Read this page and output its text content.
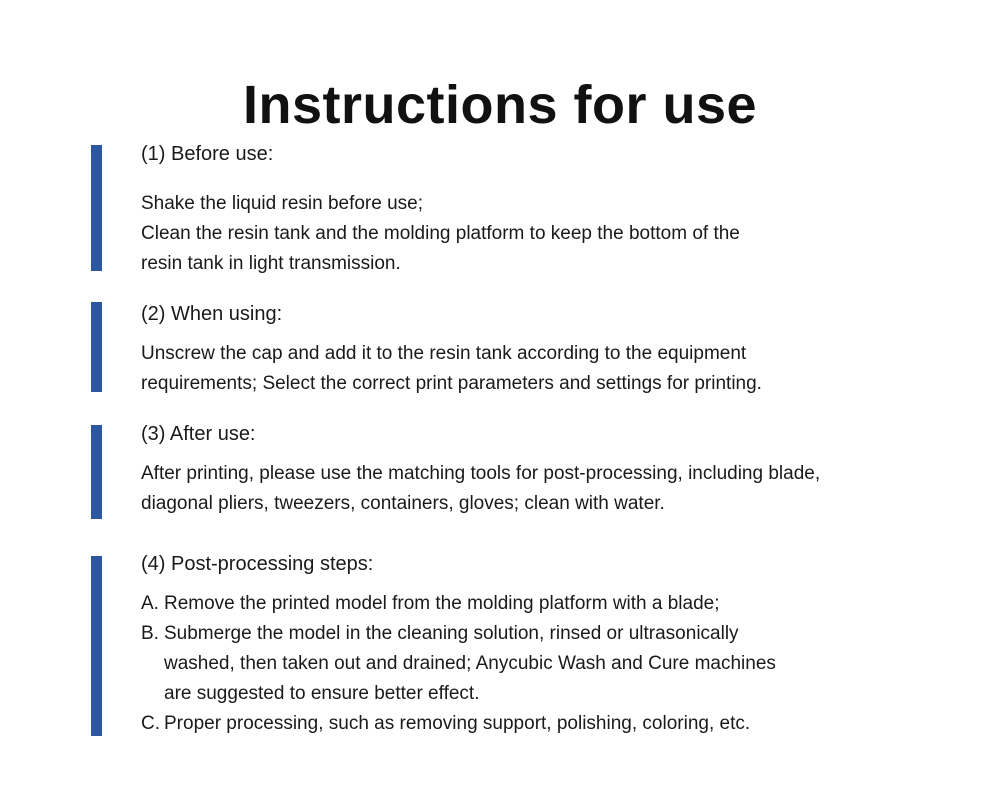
Instructions for use

(1) Before use:

Shake the liquid resin before use;
Clean the resin tank and the molding platform to keep the bottom of the
resin tank in light transmission.

(2) When using:

Unscrew the cap and add it to the resin tank according to the equipment
requirements; Select the correct print parameters and settings for printing.

(3) After use:

After printing, please use the matching tools for post-processing, including blade,
diagonal pliers, tweezers, containers, gloves; clean with water.

(4) Post-processing steps:

A. Remove the printed model from the molding platform with a blade;
B. Submerge the model in the cleaning solution, rinsed or ultrasonically
washed, then taken out and drained; Anycubic Wash and Cure machines
are suggested to ensure better effect.
C. Proper processing, such as removing support, polishing, coloring, etc.
